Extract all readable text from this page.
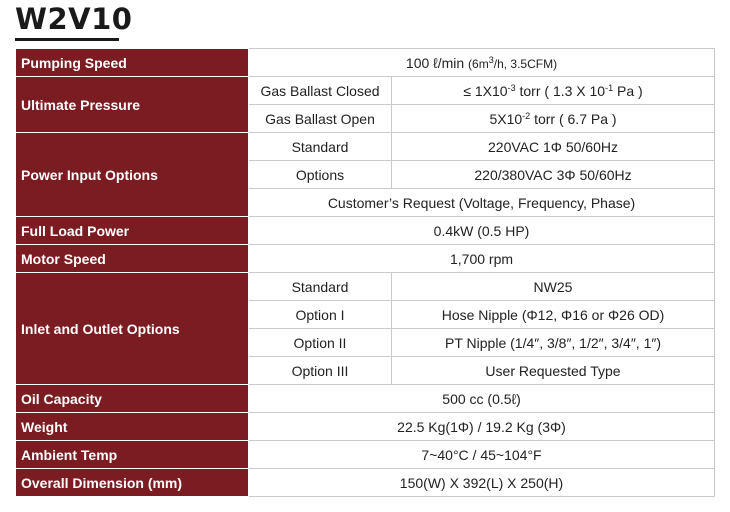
W2V10
Pumping Speed	100 ℓ/min ($6m^3/h$, 3.5CFM)	
Ultimate Pressure	Gas Ballast Closed	≤ $1X10^{-3}$ torr ( 1.3 X $10^{-1}$ Pa )
	Gas Ballast Open	$5X10^{-2}$ torr ( 6.7 Pa )
Power Input Options	Standard	220VAC 1Φ 50/60Hz
	Options	220/380VAC 3Φ 50/60Hz
	Customer’s Request (Voltage, Frequency, Phase)	
Full Load Power	0.4kW (0.5 HP)	
Motor Speed	1,700 rpm	
Inlet and Outlet Options	Standard	NW25
	Option I	Hose Nipple (Φ12, Φ16 or Φ26 OD)
	Option II	PT Nipple (1/4″, 3/8″, 1/2″, 3/4″, 1″)
	Option III	User Requested Type
Oil Capacity	500 cc (0.5ℓ)	
Weight	22.5 Kg(1Φ) / 19.2 Kg (3Φ)	
Ambient Temp	7~40°C / 45~104°F	
Overall Dimension (mm)	150(W) X 392(L) X 250(H)	
